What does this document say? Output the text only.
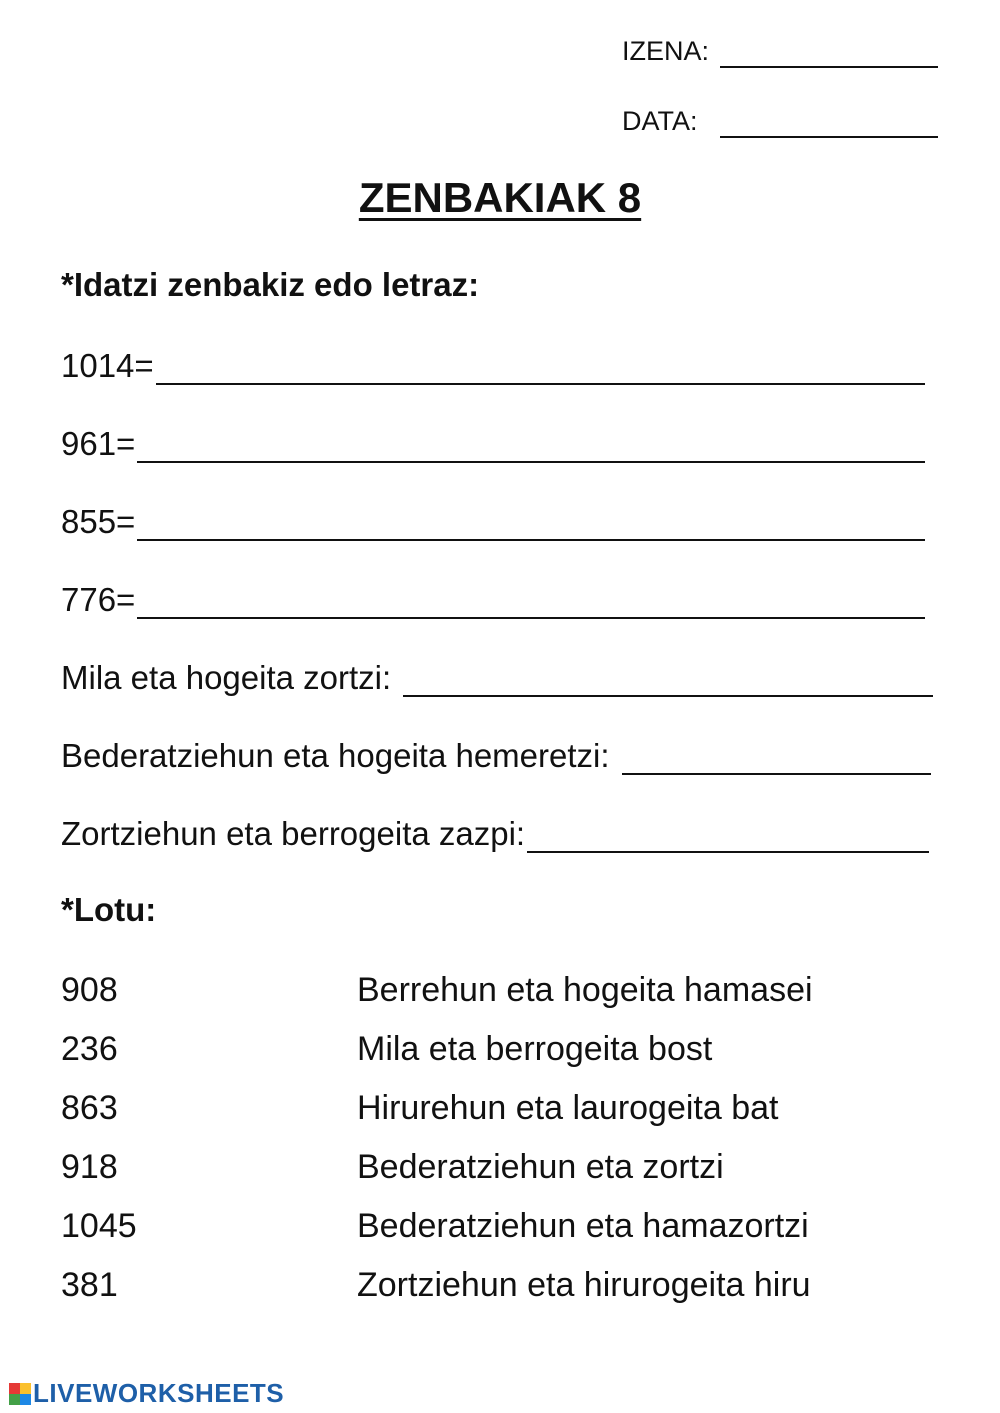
IZENA:
DATA:
ZENBAKIAK 8
*Idatzi zenbakiz edo letraz:
1014=
961=
855=
776=
Mila eta hogeita zortzi:
Bederatziehun eta hogeita hemeretzi:
Zortziehun eta berrogeita zazpi:
*Lotu:
908
236
863
918
1045
381
Berrehun eta hogeita hamasei
Mila eta berrogeita bost
Hirurehun eta laurogeita bat
Bederatziehun eta zortzi
Bederatziehun eta hamazortzi
Zortziehun eta hirurogeita hiru
LIVEWORKSHEETS
